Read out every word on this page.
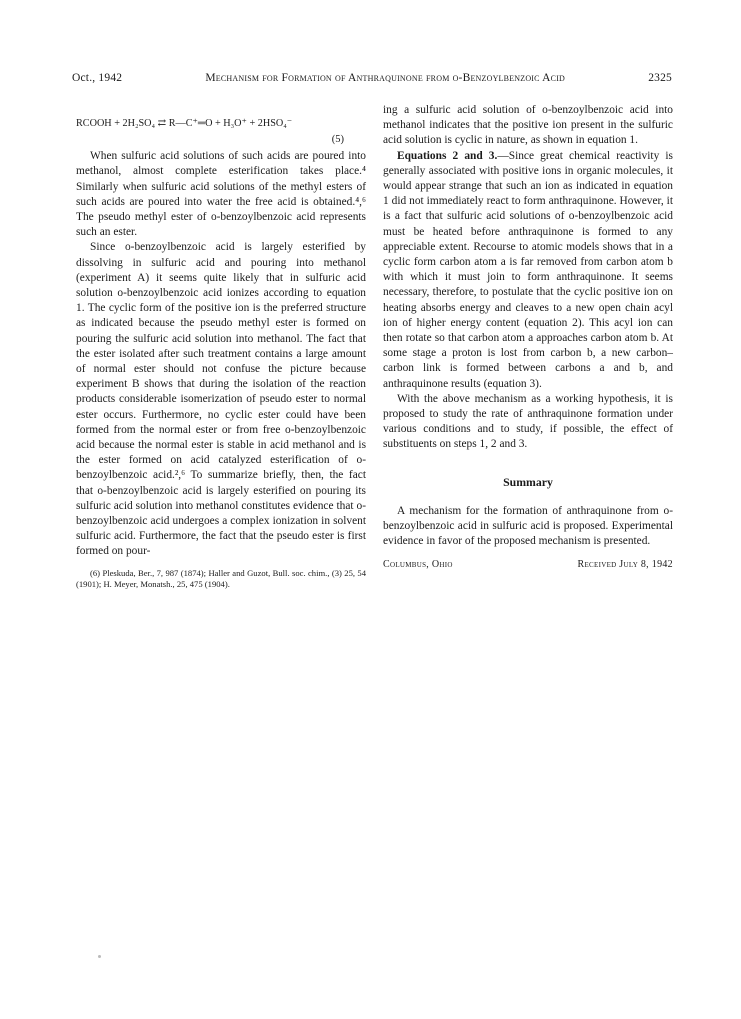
Oct., 1942	Mechanism for Formation of Anthraquinone from o-Benzoylbenzoic Acid	2325
RCOOH + 2H₂SO₄ ⇄ R—C⁺═O + H₃O⁺ + 2HSO₄⁻
(5)

When sulfuric acid solutions of such acids are poured into methanol, almost complete esterification takes place.⁴ Similarly when sulfuric acid solutions of the methyl esters of such acids are poured into water the free acid is obtained.⁴,⁶ The pseudo methyl ester of o-benzoylbenzoic acid represents such an ester.

Since o-benzoylbenzoic acid is largely esterified by dissolving in sulfuric acid and pouring into methanol (experiment A) it seems quite likely that in sulfuric acid solution o-benzoylbenzoic acid ionizes according to equation 1. The cyclic form of the positive ion is the preferred structure as indicated because the pseudo methyl ester is formed on pouring the sulfuric acid solution into methanol. The fact that the ester isolated after such treatment contains a large amount of normal ester should not confuse the picture because experiment B shows that during the isolation of the reaction products considerable isomerization of pseudo ester to normal ester occurs. Furthermore, no cyclic ester could have been formed from the normal ester or from free o-benzoylbenzoic acid because the normal ester is stable in acid methanol and is the ester formed on acid catalyzed esterification of o-benzoylbenzoic acid.²,⁶ To summarize briefly, then, the fact that o-benzoylbenzoic acid is largely esterified on pouring its sulfuric acid solution into methanol constitutes evidence that o-benzoylbenzoic acid undergoes a complex ionization in solvent sulfuric acid. Furthermore, the fact that the pseudo ester is first formed on pour-

(6) Pleskuda, Ber., 7, 987 (1874); Haller and Guzot, Bull. soc. chim., (3) 25, 54 (1901); H. Meyer, Monatsh., 25, 475 (1904).

ing a sulfuric acid solution of o-benzoylbenzoic acid into methanol indicates that the positive ion present in the sulfuric acid solution is cyclic in nature, as shown in equation 1.

Equations 2 and 3.—Since great chemical reactivity is generally associated with positive ions in organic molecules, it would appear strange that such an ion as indicated in equation 1 did not immediately react to form anthraquinone. However, it is a fact that sulfuric acid solutions of o-benzoylbenzoic acid must be heated before anthraquinone is formed to any appreciable extent. Recourse to atomic models shows that in a cyclic form carbon atom a is far removed from carbon atom b with which it must join to form anthraquinone. It seems necessary, therefore, to postulate that the cyclic positive ion on heating absorbs energy and cleaves to a new open chain acyl ion of higher energy content (equation 2). This acyl ion can then rotate so that carbon atom a approaches carbon atom b. At some stage a proton is lost from carbon b, a new carbon–carbon link is formed between carbons a and b, and anthraquinone results (equation 3).

With the above mechanism as a working hypothesis, it is proposed to study the rate of anthraquinone formation under various conditions and to study, if possible, the effect of substituents on steps 1, 2 and 3.

Summary

A mechanism for the formation of anthraquinone from o-benzoylbenzoic acid in sulfuric acid is proposed. Experimental evidence in favor of the proposed mechanism is presented.

Columbus, Ohio	Received July 8, 1942
